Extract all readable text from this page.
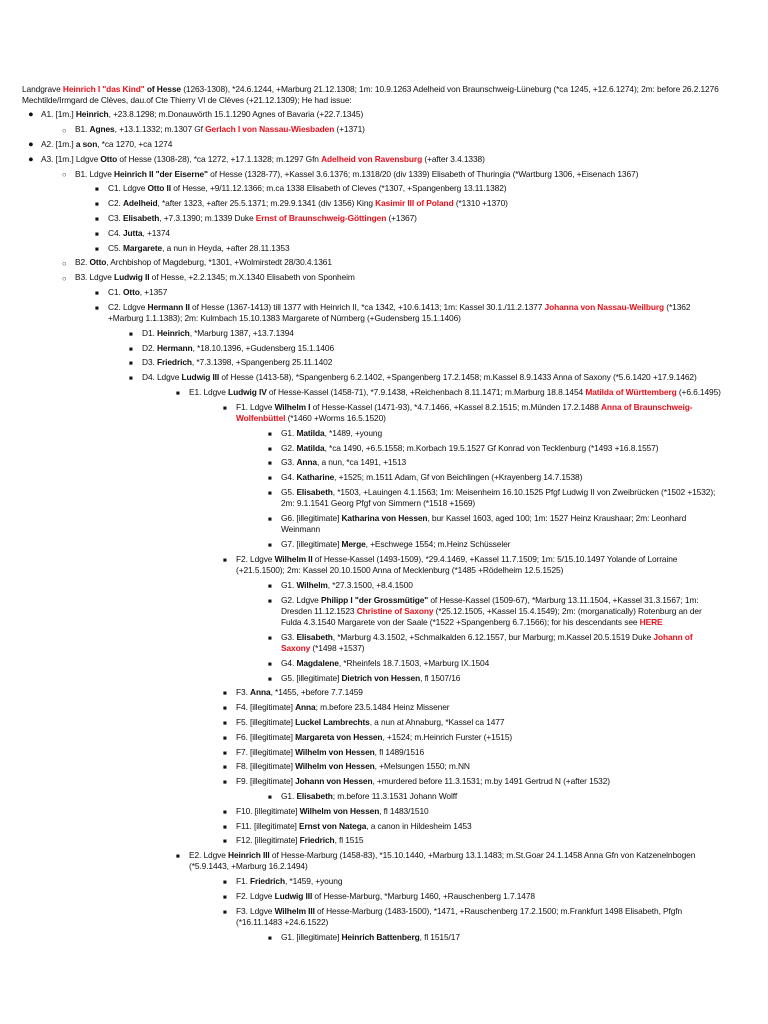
Landgrave Heinrich I "das Kind" of Hesse (1263-1308), *24.6.1244, +Marburg 21.12.1308; 1m: 10.9.1263 Adelheid von Braunschweig-Lüneburg (*ca 1245, +12.6.1274); 2m: before 26.2.1276 Mechtilde/Irmgard de Clèves, dau.of Cte Thierry VI de Clèves (+21.12.1309); He had issue:

● A1. [1m.] Heinrich, +23.8.1298; m.Donauwörth 15.1.1290 Agnes of Bavaria (+22.7.1345)
○ B1. Agnes, +13.1.1332; m.1307 Gf Gerlach I von Nassau-Wiesbaden (+1371)
● A2. [1m.] a son, *ca 1270, +ca 1274
● A3. [1m.] Ldgve Otto of Hesse (1308-28), *ca 1272, +17.1.1328; m.1297 Gfn Adelheid von Ravensburg (+after 3.4.1338)
○ B1. Ldgve Heinrich II "der Eiserne" of Hesse (1328-77), +Kassel 3.6.1376; m.1318/20 (div 1339) Elisabeth of Thuringia (*Wartburg 1306, +Eisenach 1367)
■ C1. Ldgve Otto II of Hesse, +9/11.12.1366; m.ca 1338 Elisabeth of Cleves (*1307, +Spangenberg 13.11.1382)
■ C2. Adelheid, *after 1323, +after 25.5.1371; m.29.9.1341 (div 1356) King Kasimir III of Poland (*1310 +1370)
■ C3. Elisabeth, +7.3.1390; m.1339 Duke Ernst of Braunschweig-Göttingen (+1367)
■ C4. Jutta, +1374
■ C5. Margarete, a nun in Heyda, +after 28.11.1353
○ B2. Otto, Archbishop of Magdeburg, *1301, +Wolmirstedt 28/30.4.1361
○ B3. Ldgve Ludwig II of Hesse, +2.2.1345; m.X.1340 Elisabeth von Sponheim
■ C1. Otto, +1357
■ C2. Ldgve Hermann II of Hesse (1367-1413) till 1377 with Heinrich II, *ca 1342, +10.6.1413; 1m: Kassel 30.1./11.2.1377 Johanna von Nassau-Weilburg (*1362 +Marburg 1.1.1383); 2m: Kulmbach 15.10.1383 Margarete of Nürnberg (+Gudensberg 15.1.1406)
■ D1. Heinrich, *Marburg 1387, +13.7.1394
■ D2. Hermann, *18.10.1396, +Gudensberg 15.1.1406
■ D3. Friedrich, *7.3.1398, +Spangenberg 25.11.1402
■ D4. Ldgve Ludwig III of Hesse (1413-58), *Spangenberg 6.2.1402, +Spangenberg 17.2.1458; m.Kassel 8.9.1433 Anna of Saxony (*5.6.1420 +17.9.1462)
■ E1. Ldgve Ludwig IV of Hesse-Kassel (1458-71), *7.9.1438, +Reichenbach 8.11.1471; m.Marburg 18.8.1454 Matilda of Württemberg (+6.6.1495)
■ F1. Ldgve Wilhelm I of Hesse-Kassel (1471-93), *4.7.1466, +Kassel 8.2.1515; m.Münden 17.2.1488 Anna of Braunschweig-Wolfenbüttel (*1460 +Worms 16.5.1520)
■ G1. Matilda, *1489, +young
■ G2. Matilda, *ca 1490, +6.5.1558; m.Korbach 19.5.1527 Gf Konrad von Tecklenburg (*1493 +16.8.1557)
■ G3. Anna, a nun, *ca 1491, +1513
■ G4. Katharine, +1525; m.1511 Adam, Gf von Beichlingen (+Krayenberg 14.7.1538)
■ G5. Elisabeth, *1503, +Lauingen 4.1.1563; 1m: Meisenheim 16.10.1525 Pfgf Ludwig II von Zweibrücken (*1502 +1532); 2m: 9.1.1541 Georg Pfgf von Simmern (*1518 +1569)
■ G6. [illegitimate] Katharina von Hessen, bur Kassel 1603, aged 100; 1m: 1527 Heinz Kraushaar; 2m: Leonhard Weinmann
■ G7. [illegitimate] Merge, +Eschwege 1554; m.Heinz Schüsseler
■ F2. Ldgve Wilhelm II of Hesse-Kassel (1493-1509), *29.4.1469, +Kassel 11.7.1509; 1m: 5/15.10.1497 Yolande of Lorraine (+21.5.1500); 2m: Kassel 20.10.1500 Anna of Mecklenburg (*1485 +Rödelheim 12.5.1525)
■ G1. Wilhelm, *27.3.1500, +8.4.1500
■ G2. Ldgve Philipp I "der Grossmütige" of Hesse-Kassel (1509-67), *Marburg 13.11.1504, +Kassel 31.3.1567; 1m: Dresden 11.12.1523 Christine of Saxony (*25.12.1505, +Kassel 15.4.1549); 2m: (morganatically) Rotenburg an der Fulda 4.3.1540 Margarete von der Saale (*1522 +Spangenberg 6.7.1566); for his descendants see HERE
■ G3. Elisabeth, *Marburg 4.3.1502, +Schmalkalden 6.12.1557, bur Marburg; m.Kassel 20.5.1519 Duke Johann of Saxony (*1498 +1537)
■ G4. Magdalene, *Rheinfels 18.7.1503, +Marburg IX.1504
■ G5. [illegitimate] Dietrich von Hessen, fl 1507/16
■ F3. Anna, *1455, +before 7.7.1459
■ F4. [illegitimate] Anna; m.before 23.5.1484 Heinz Missener
■ F5. [illegitimate] Luckel Lambrechts, a nun at Ahnaburg, *Kassel ca 1477
■ F6. [illegitimate] Margareta von Hessen, +1524; m.Heinrich Furster (+1515)
■ F7. [illegitimate] Wilhelm von Hessen, fl 1489/1516
■ F8. [illegitimate] Wilhelm von Hessen, +Melsungen 1550; m.NN
■ F9. [illegitimate] Johann von Hessen, +murdered before 11.3.1531; m.by 1491 Gertrud N (+after 1532)
■ G1. Elisabeth; m.before 11.3.1531 Johann Wolff
■ F10. [illegitimate] Wilhelm von Hessen, fl 1483/1510
■ F11. [illegitimate] Ernst von Natega, a canon in Hildesheim 1453
■ F12. [illegitimate] Friedrich, fl 1515
■ E2. Ldgve Heinrich III of Hesse-Marburg (1458-83), *15.10.1440, +Marburg 13.1.1483; m.St.Goar 24.1.1458 Anna Gfn von Katzenelnbogen (*5.9.1443, +Marburg 16.2.1494)
■ F1. Friedrich, *1459, +young
■ F2. Ldgve Ludwig III of Hesse-Marburg, *Marburg 1460, +Rauschenberg 1.7.1478
■ F3. Ldgve Wilhelm III of Hesse-Marburg (1483-1500), *1471, +Rauschenberg 17.2.1500; m.Frankfurt 1498 Elisabeth, Pfgfn (*16.11.1483 +24.6.1522)
■ G1. [illegitimate] Heinrich Battenberg, fl 1515/17
